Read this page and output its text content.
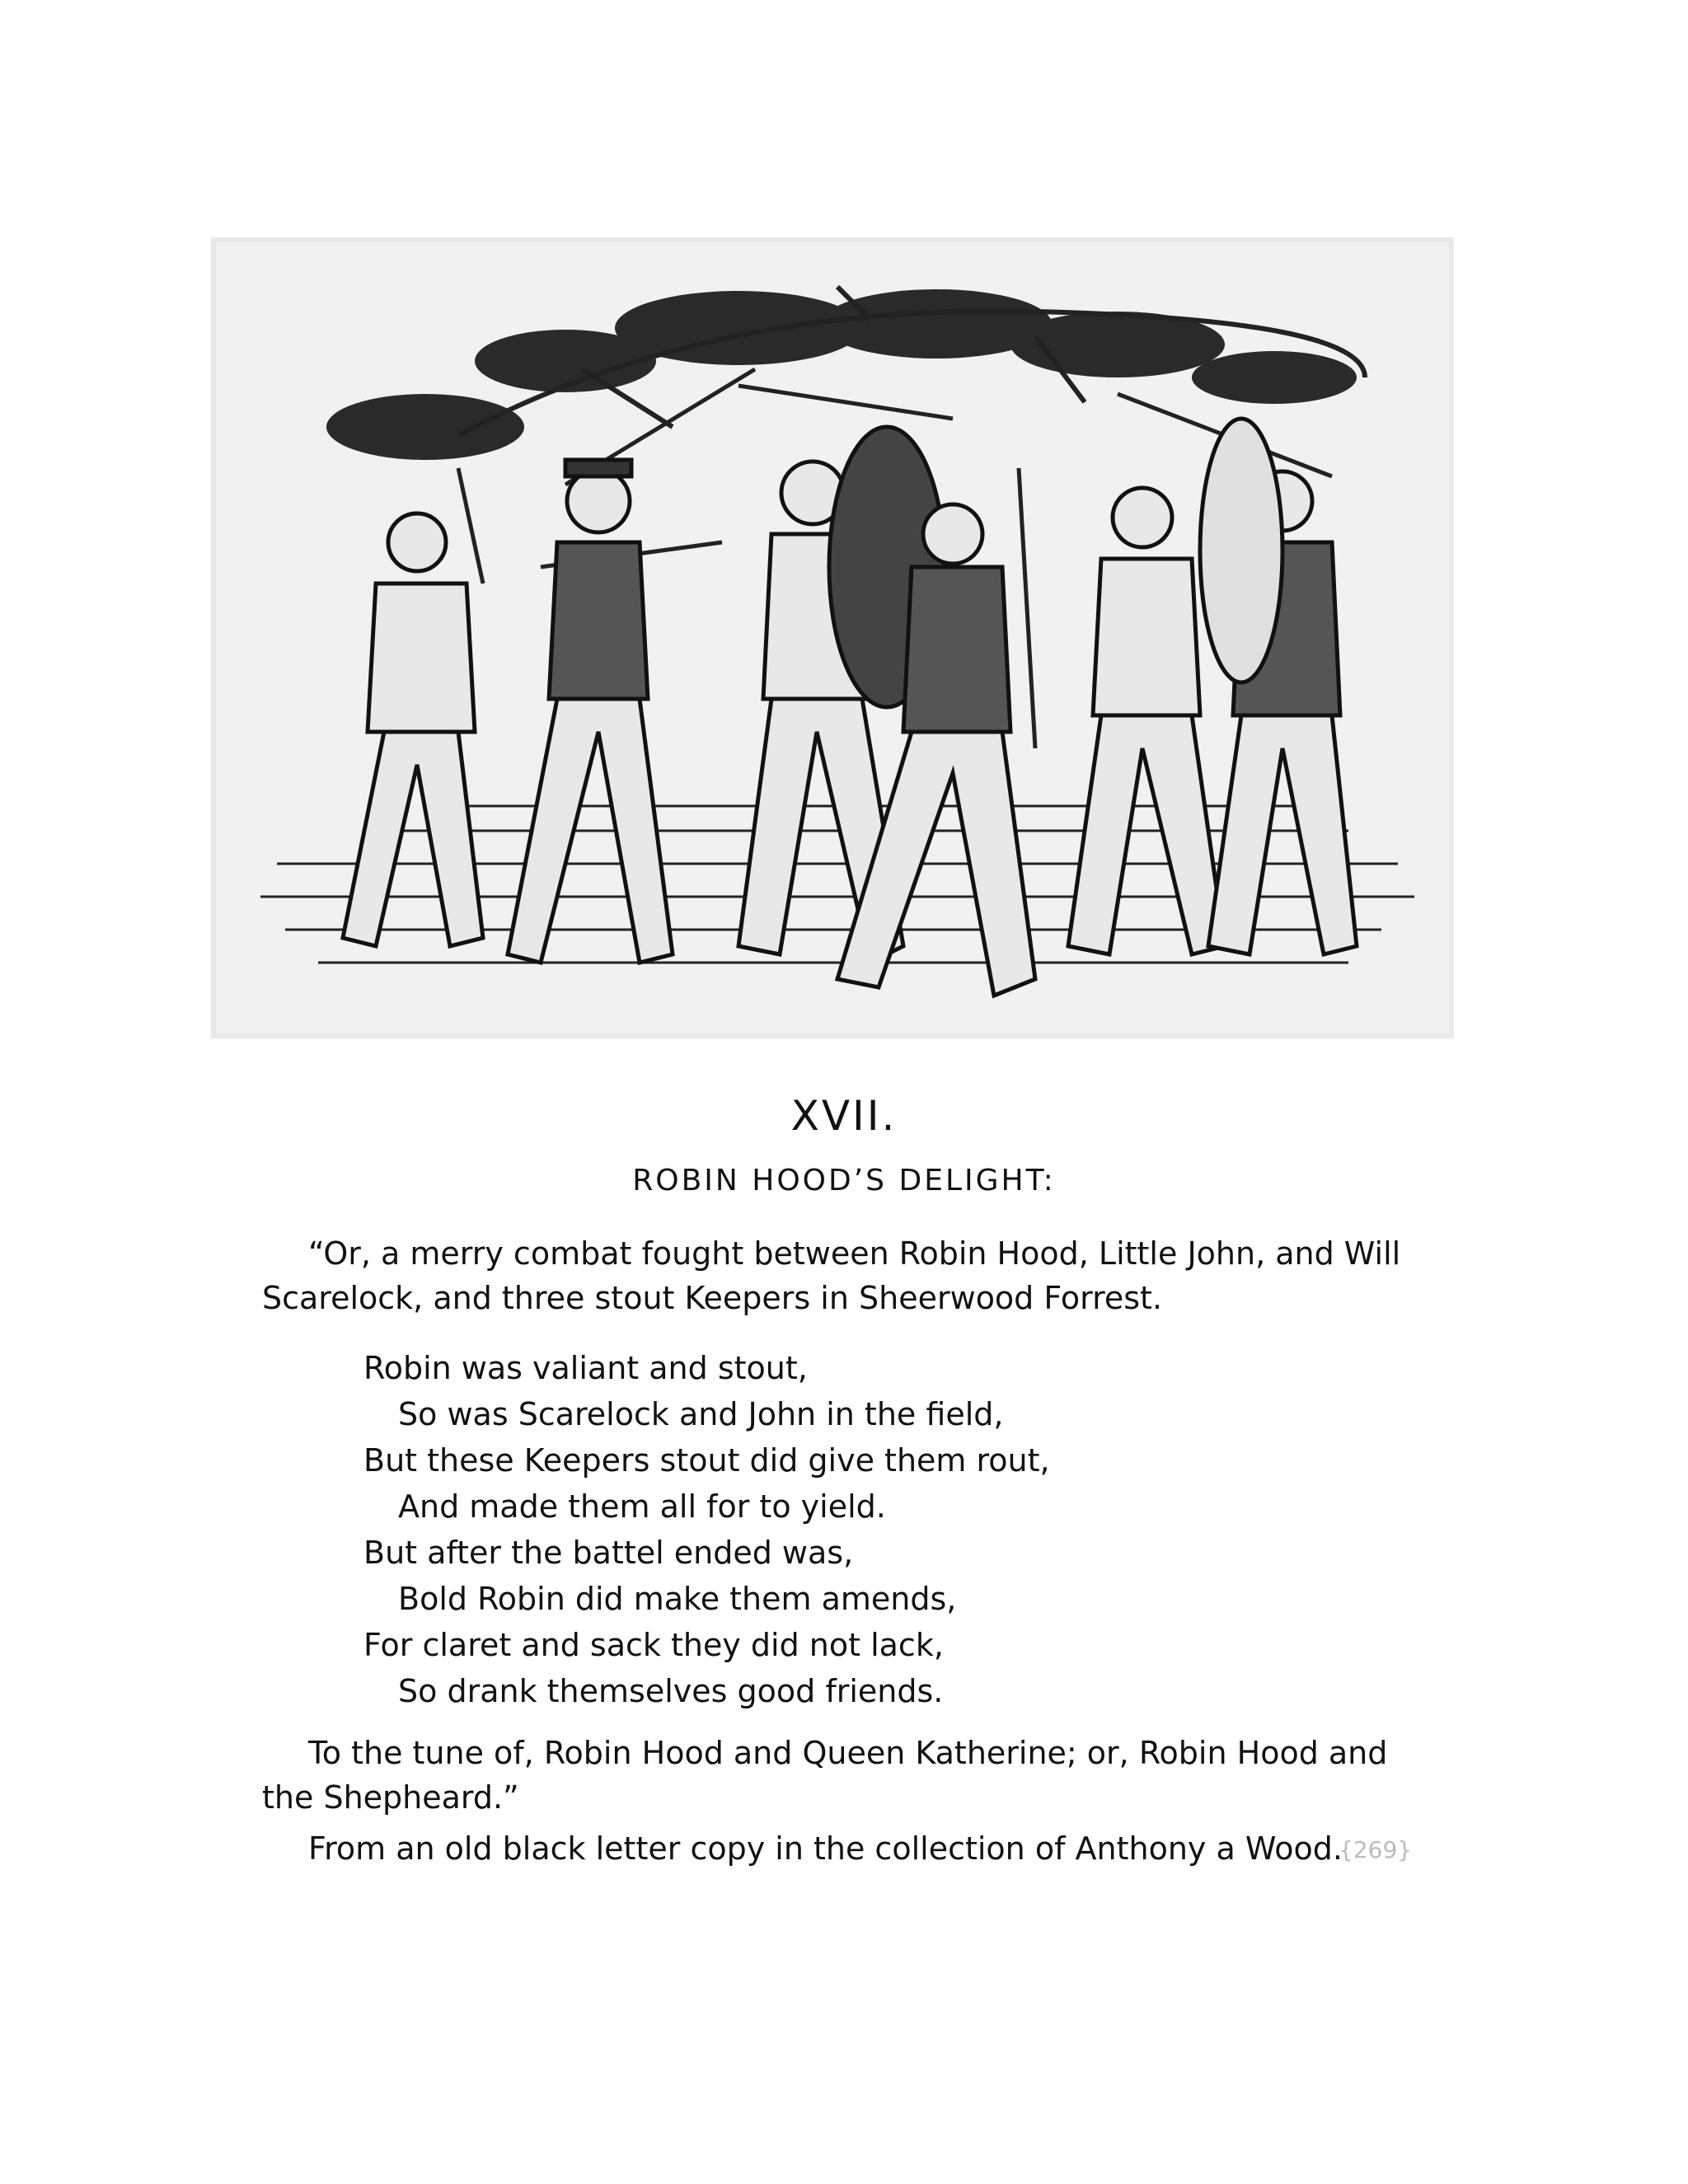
XVII.
ROBIN HOOD’S DELIGHT:

“Or, a merry combat fought between Robin Hood, Little John, and Will Scarelock, and three stout Keepers in Sheerwood Forrest.

Robin was valiant and stout,
So was Scarelock and John in the field,
But these Keepers stout did give them rout,
And made them all for to yield.
But after the battel ended was,
Bold Robin did make them amends,
For claret and sack they did not lack,
So drank themselves good friends.

To the tune of, Robin Hood and Queen Katherine; or, Robin Hood and the Shepheard.”

From an old black letter copy in the collection of Anthony a Wood.

{269}
